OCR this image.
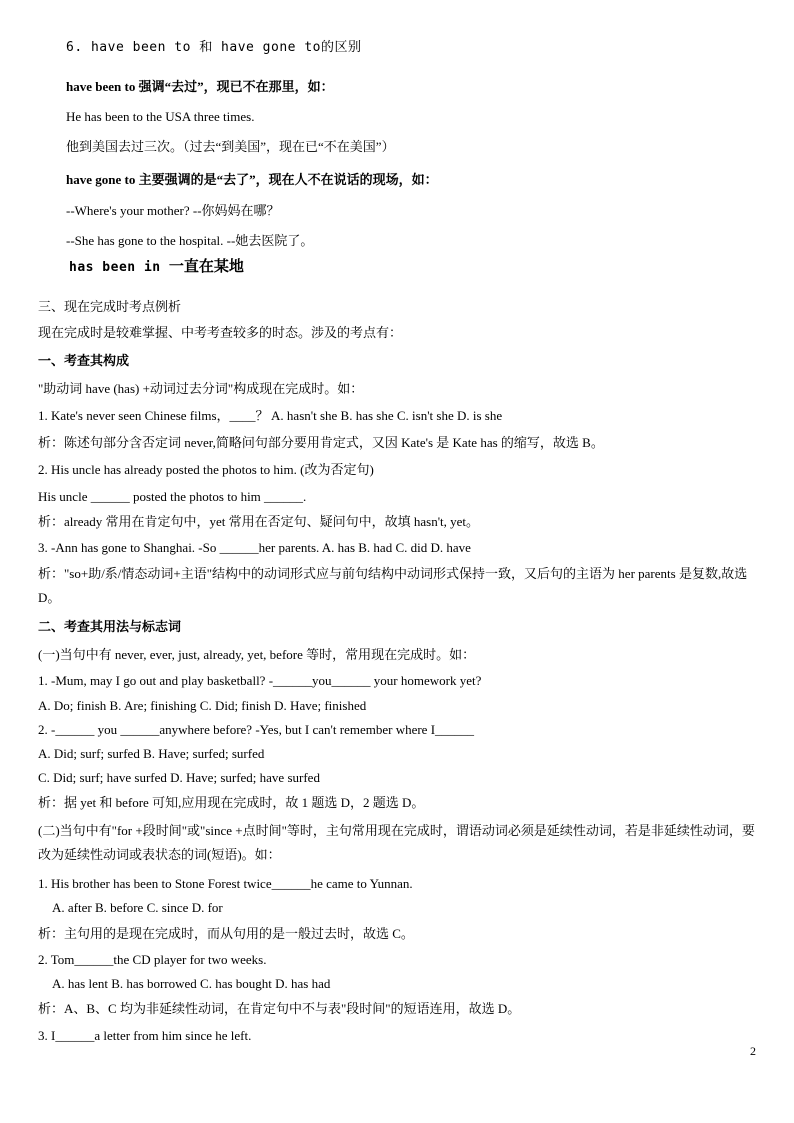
6. have been to 和 have gone to的区别
have been to 强调“去过”，现已不在那里，如：
He has been to the USA three times.
他到美国去过三次。（过去“到美国”，现在已“不在美国”）
have gone to 主要强调的是“去了”，现在人不在说话的现场，如：
--Where's your mother? --你妈妈在哪？
--She has gone to the hospital. --她去医院了。
has been in 一直在某地
三、现在完成时考点例析
现在完成时是较难掌握、中考考查较多的时态。涉及的考点有：
一、考查其构成
"助动词 have (has) +动词过去分词"构成现在完成时。如：
1. Kate's never seen Chinese films，____？ A. hasn't she B. has she C. isn't she D. is she
析：陈述句部分含否定词 never,简略问句部分要用肯定式，又因 Kate's 是 Kate has 的缩写，故选 B。
2. His uncle has already posted the photos to him. (改为否定句)
His uncle ______ posted the photos to him ______.
析：already 常用在肯定句中，yet 常用在否定句、疑问句中，故填 hasn't, yet。
3. -Ann has gone to Shanghai. -So ______her parents. A. has B. had C. did D. have
析："so+助/系/情态动词+主语"结构中的动词形式应与前句结构中动词形式保持一致，又后句的主语为 her parents 是复数,故选 D。
二、考查其用法与标志词
(一)当句中有 never, ever, just, already, yet, before 等时，常用现在完成时。如：
1. -Mum, may I go out and play basketball? -______you______ your homework yet?
A. Do; finish B. Are; finishing C. Did; finish D. Have; finished
2. -______ you ______anywhere before? -Yes, but I can't remember where I______
A. Did; surf; surfed B. Have; surfed; surfed
C. Did; surf; have surfed D. Have; surfed; have surfed
析：据 yet 和 before 可知,应用现在完成时，故 1 题选 D，2 题选 D。
(二)当句中有"for +段时间"或"since +点时间"等时，主句常用现在完成时，谓语动词必须是延续性动词，若是非延续性动词，要改为延续性动词或表状态的词(短语)。如：
1. His brother has been to Stone Forest twice______he came to Yunnan.
A. after B. before C. since D. for
析：主句用的是现在完成时，而从句用的是一般过去时，故选 C。
2. Tom______the CD player for two weeks.
A. has lent B. has borrowed C. has bought D. has had
析：A、B、C 均为非延续性动词，在肯定句中不与表"段时间"的短语连用，故选 D。
3. I______a letter from him since he left.
2
